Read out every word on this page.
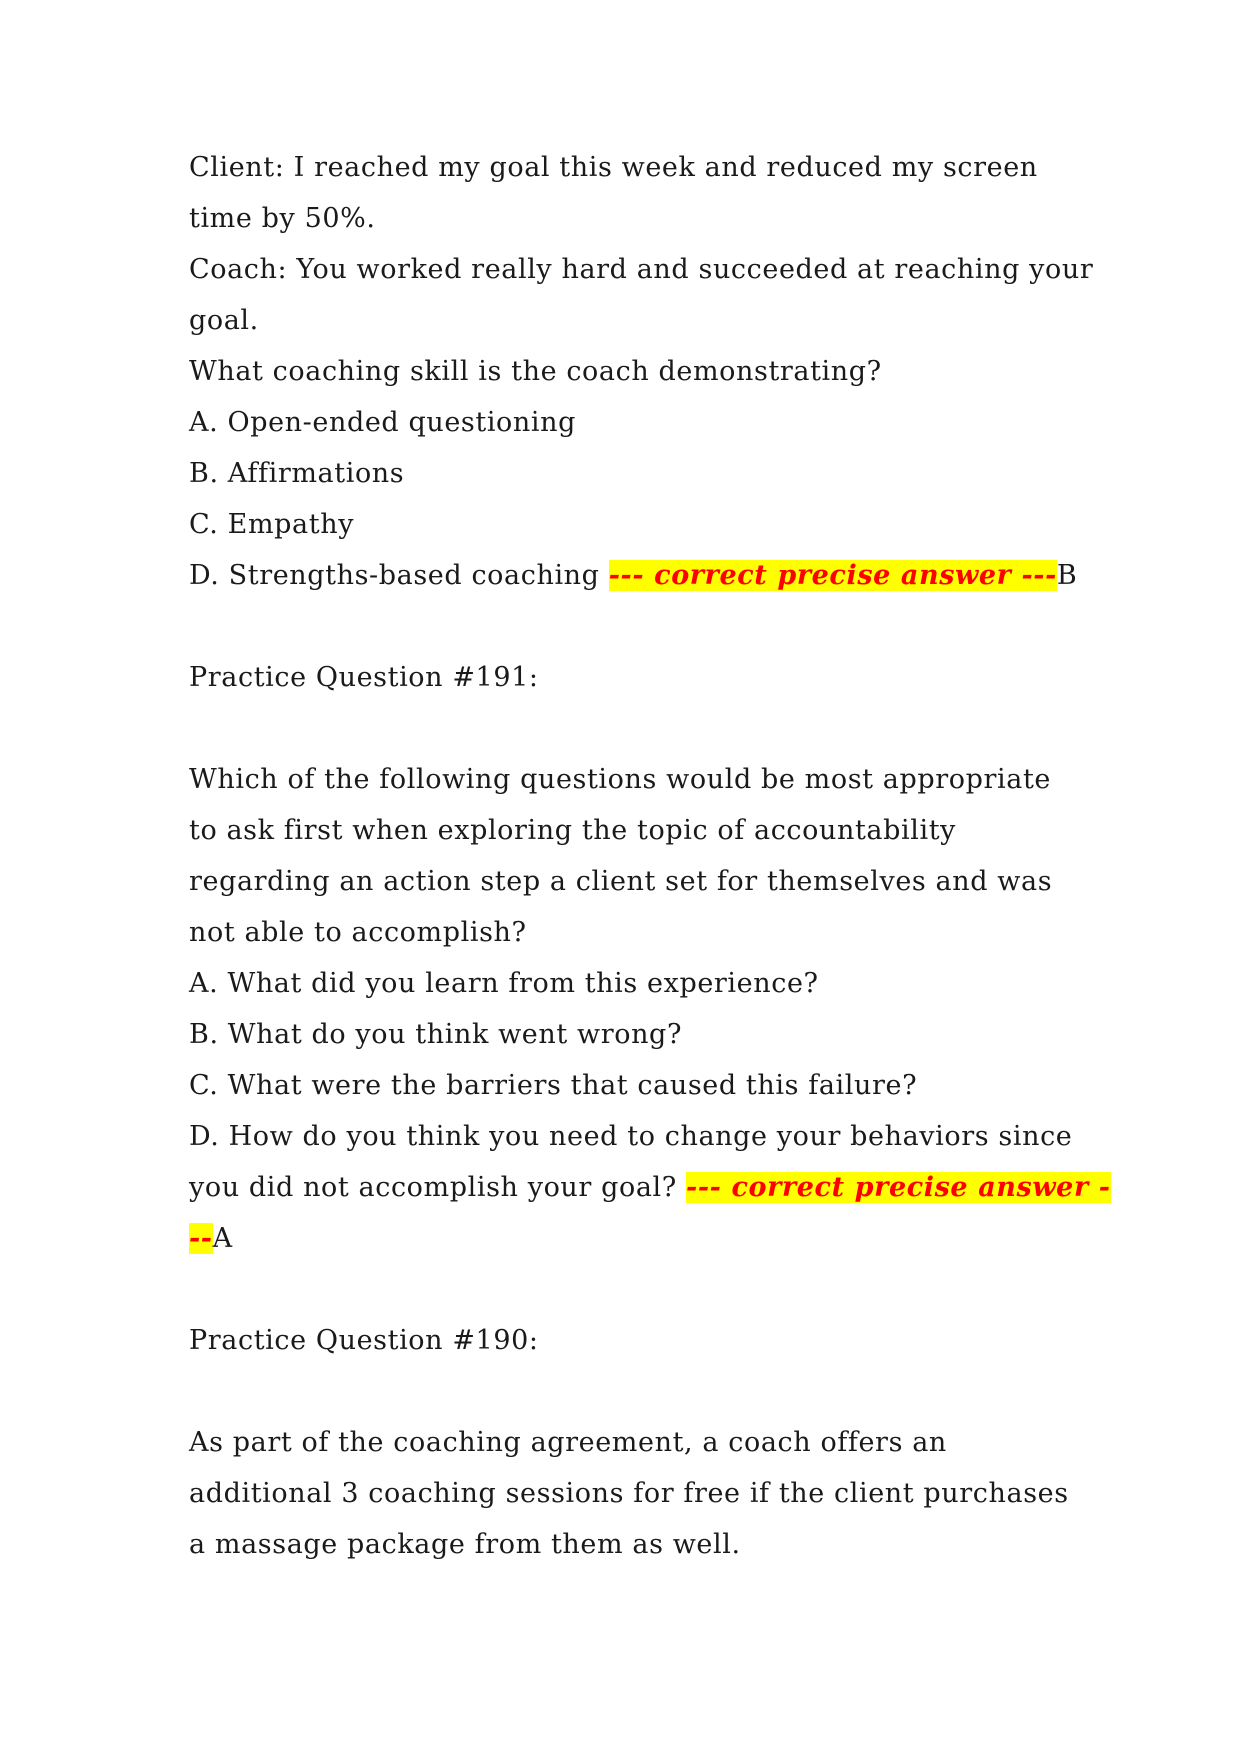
Client: I reached my goal this week and reduced my screen

time by 50%.

Coach: You worked really hard and succeeded at reaching your

goal.

What coaching skill is the coach demonstrating?

A. Open-ended questioning

B. Affirmations

C. Empathy

D. Strengths-based coaching --- correct precise answer ---B

Practice Question #191:

Which of the following questions would be most appropriate

to ask first when exploring the topic of accountability

regarding an action step a client set for themselves and was

not able to accomplish?

A. What did you learn from this experience?

B. What do you think went wrong?

C. What were the barriers that caused this failure?

D. How do you think you need to change your behaviors since

you did not accomplish your goal? --- correct precise answer -

--A

Practice Question #190:

As part of the coaching agreement, a coach offers an

additional 3 coaching sessions for free if the client purchases

a massage package from them as well.
